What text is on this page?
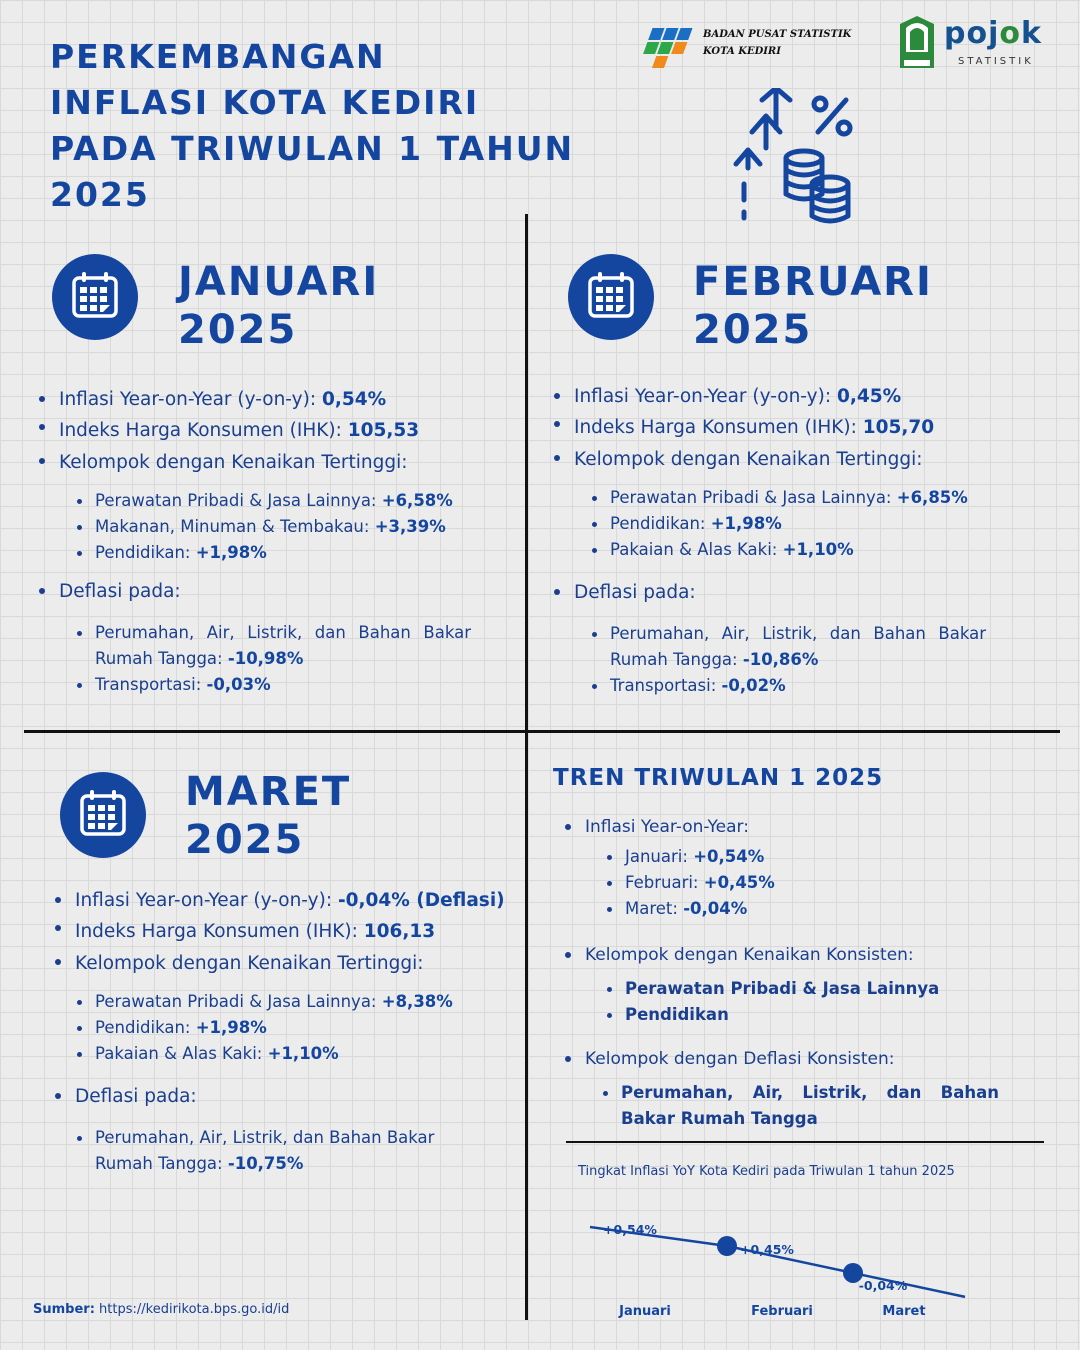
PERKEMBANGAN
INFLASI KOTA KEDIRI
PADA TRIWULAN 1 TAHUN
2025
BADAN PUSAT STATISTIK
KOTA KEDIRI
pojok
STATISTIK
JANUARI
2025
Inflasi Year-on-Year (y-on-y): 0,54%
Indeks Harga Konsumen (IHK): 105,53
Kelompok dengan Kenaikan Tertinggi:
Perawatan Pribadi & Jasa Lainnya: +6,58%
Makanan, Minuman & Tembakau: +3,39%
Pendidikan: +1,98%
Deflasi pada:
Perumahan, Air, Listrik, dan Bahan Bakar Rumah Tangga: -10,98%
Transportasi: -0,03%
FEBRUARI
2025
Inflasi Year-on-Year (y-on-y): 0,45%
Indeks Harga Konsumen (IHK): 105,70
Kelompok dengan Kenaikan Tertinggi:
Perawatan Pribadi & Jasa Lainnya: +6,85%
Pendidikan: +1,98%
Pakaian & Alas Kaki: +1,10%
Deflasi pada:
Perumahan, Air, Listrik, dan Bahan Bakar Rumah Tangga: -10,86%
Transportasi: -0,02%
MARET
2025
Inflasi Year-on-Year (y-on-y): -0,04% (Deflasi)
Indeks Harga Konsumen (IHK): 106,13
Kelompok dengan Kenaikan Tertinggi:
Perawatan Pribadi & Jasa Lainnya: +8,38%
Pendidikan: +1,98%
Pakaian & Alas Kaki: +1,10%
Deflasi pada:
Perumahan, Air, Listrik, dan Bahan Bakar Rumah Tangga: -10,75%
TREN TRIWULAN 1 2025
Inflasi Year-on-Year:
Januari: +0,54%
Februari: +0,45%
Maret: -0,04%
Kelompok dengan Kenaikan Konsisten:
Perawatan Pribadi & Jasa Lainnya
Pendidikan
Kelompok dengan Deflasi Konsisten:
Perumahan, Air, Listrik, dan Bahan Bakar Rumah Tangga
Tingkat Inflasi YoY Kota Kediri pada Triwulan 1 tahun 2025
+0,54%
Januari
+0,45%
Februari
-0,04%
Maret
Sumber: https://kedirikota.bps.go.id/id
